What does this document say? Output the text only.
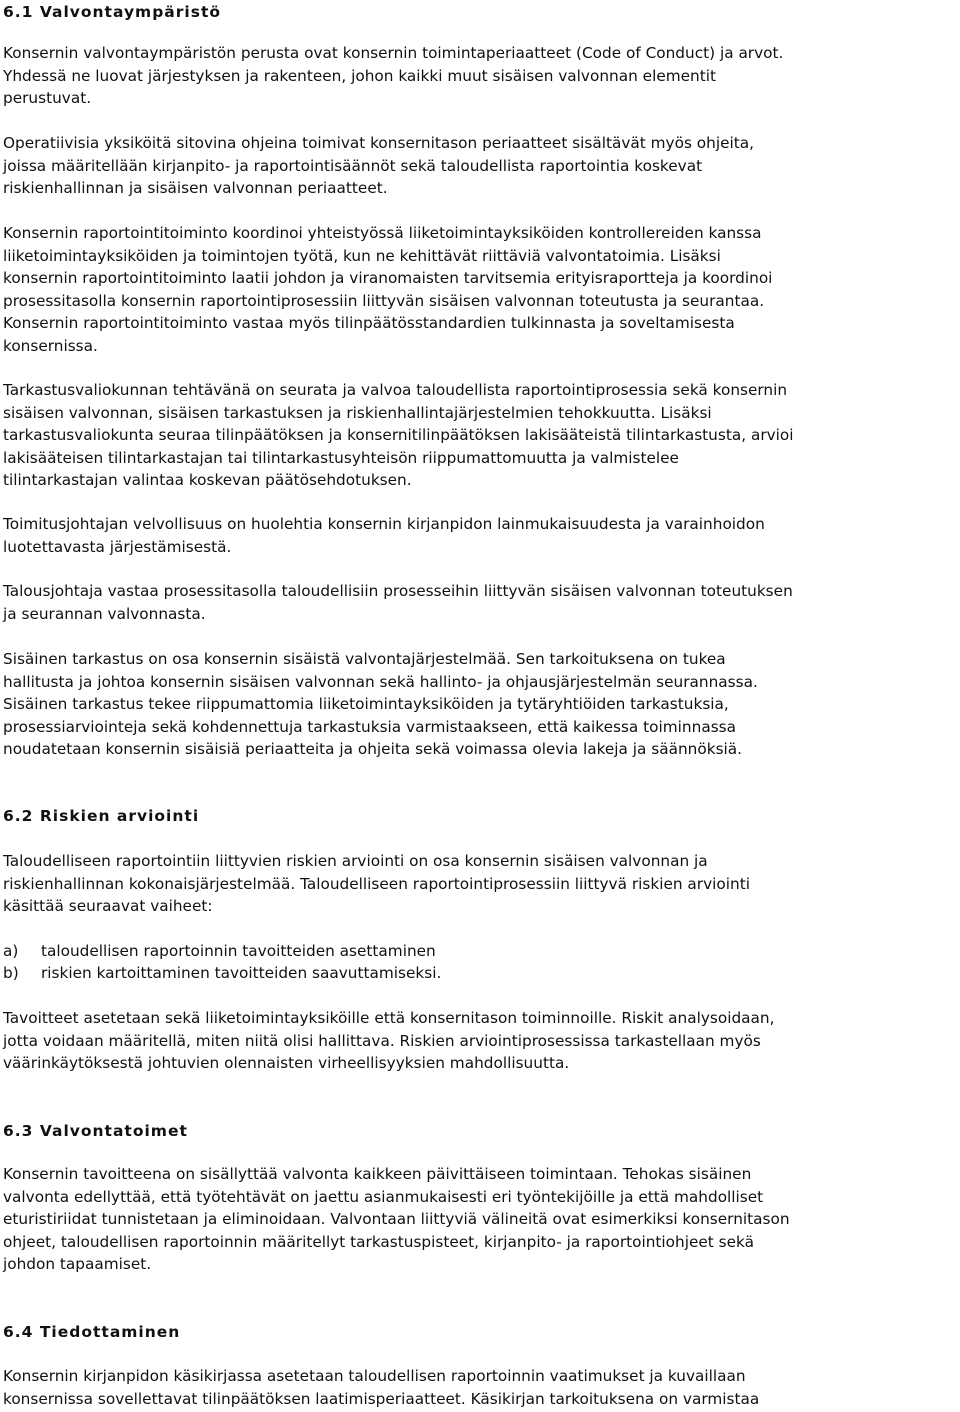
6.1 Valvontaympäristö

Konsernin valvontaympäristön perusta ovat konsernin toimintaperiaatteet (Code of Conduct) ja arvot.
Yhdessä ne luovat järjestyksen ja rakenteen, johon kaikki muut sisäisen valvonnan elementit
perustuvat.

Operatiivisia yksiköitä sitovina ohjeina toimivat konsernitason periaatteet sisältävät myös ohjeita,
joissa määritellään kirjanpito- ja raportointisäännöt sekä taloudellista raportointia koskevat
riskienhallinnan ja sisäisen valvonnan periaatteet.

Konsernin raportointitoiminto koordinoi yhteistyössä liiketoimintayksiköiden kontrollereiden kanssa
liiketoimintayksiköiden ja toimintojen työtä, kun ne kehittävät riittäviä valvontatoimia. Lisäksi
konsernin raportointitoiminto laatii johdon ja viranomaisten tarvitsemia erityisraportteja ja koordinoi
prosessitasolla konsernin raportointiprosessiin liittyvän sisäisen valvonnan toteutusta ja seurantaa.
Konsernin raportointitoiminto vastaa myös tilinpäätösstandardien tulkinnasta ja soveltamisesta
konsernissa.

Tarkastusvaliokunnan tehtävänä on seurata ja valvoa taloudellista raportointiprosessia sekä konsernin
sisäisen valvonnan, sisäisen tarkastuksen ja riskienhallintajärjestelmien tehokkuutta. Lisäksi
tarkastusvaliokunta seuraa tilinpäätöksen ja konsernitilinpäätöksen lakisääteistä tilintarkastusta, arvioi
lakisääteisen tilintarkastajan tai tilintarkastusyhteisön riippumattomuutta ja valmistelee
tilintarkastajan valintaa koskevan päätösehdotuksen.

Toimitusjohtajan velvollisuus on huolehtia konsernin kirjanpidon lainmukaisuudesta ja varainhoidon
luotettavasta järjestämisestä.

Talousjohtaja vastaa prosessitasolla taloudellisiin prosesseihin liittyvän sisäisen valvonnan toteutuksen
ja seurannan valvonnasta.

Sisäinen tarkastus on osa konsernin sisäistä valvontajärjestelmää. Sen tarkoituksena on tukea
hallitusta ja johtoa konsernin sisäisen valvonnan sekä hallinto- ja ohjausjärjestelmän seurannassa.
Sisäinen tarkastus tekee riippumattomia liiketoimintayksiköiden ja tytäryhtiöiden tarkastuksia,
prosessiarviointeja sekä kohdennettuja tarkastuksia varmistaakseen, että kaikessa toiminnassa
noudatetaan konsernin sisäisiä periaatteita ja ohjeita sekä voimassa olevia lakeja ja säännöksiä.

6.2 Riskien arviointi

Taloudelliseen raportointiin liittyvien riskien arviointi on osa konsernin sisäisen valvonnan ja
riskienhallinnan kokonaisjärjestelmää. Taloudelliseen raportointiprosessiin liittyvä riskien arviointi
käsittää seuraavat vaiheet:

a) taloudellisen raportoinnin tavoitteiden asettaminen
b) riskien kartoittaminen tavoitteiden saavuttamiseksi.

Tavoitteet asetetaan sekä liiketoimintayksiköille että konsernitason toiminnoille. Riskit analysoidaan,
jotta voidaan määritellä, miten niitä olisi hallittava. Riskien arviointiprosessissa tarkastellaan myös
väärinkäytöksestä johtuvien olennaisten virheellisyyksien mahdollisuutta.

6.3 Valvontatoimet

Konsernin tavoitteena on sisällyttää valvonta kaikkeen päivittäiseen toimintaan. Tehokas sisäinen
valvonta edellyttää, että työtehtävät on jaettu asianmukaisesti eri työntekijöille ja että mahdolliset
eturistiriidat tunnistetaan ja eliminoidaan. Valvontaan liittyviä välineitä ovat esimerkiksi konsernitason
ohjeet, taloudellisen raportoinnin määritellyt tarkastuspisteet, kirjanpito- ja raportointiohjeet sekä
johdon tapaamiset.

6.4 Tiedottaminen

Konsernin kirjanpidon käsikirjassa asetetaan taloudellisen raportoinnin vaatimukset ja kuvaillaan
konsernissa sovellettavat tilinpäätöksen laatimisperiaatteet. Käsikirjan tarkoituksena on varmistaa
